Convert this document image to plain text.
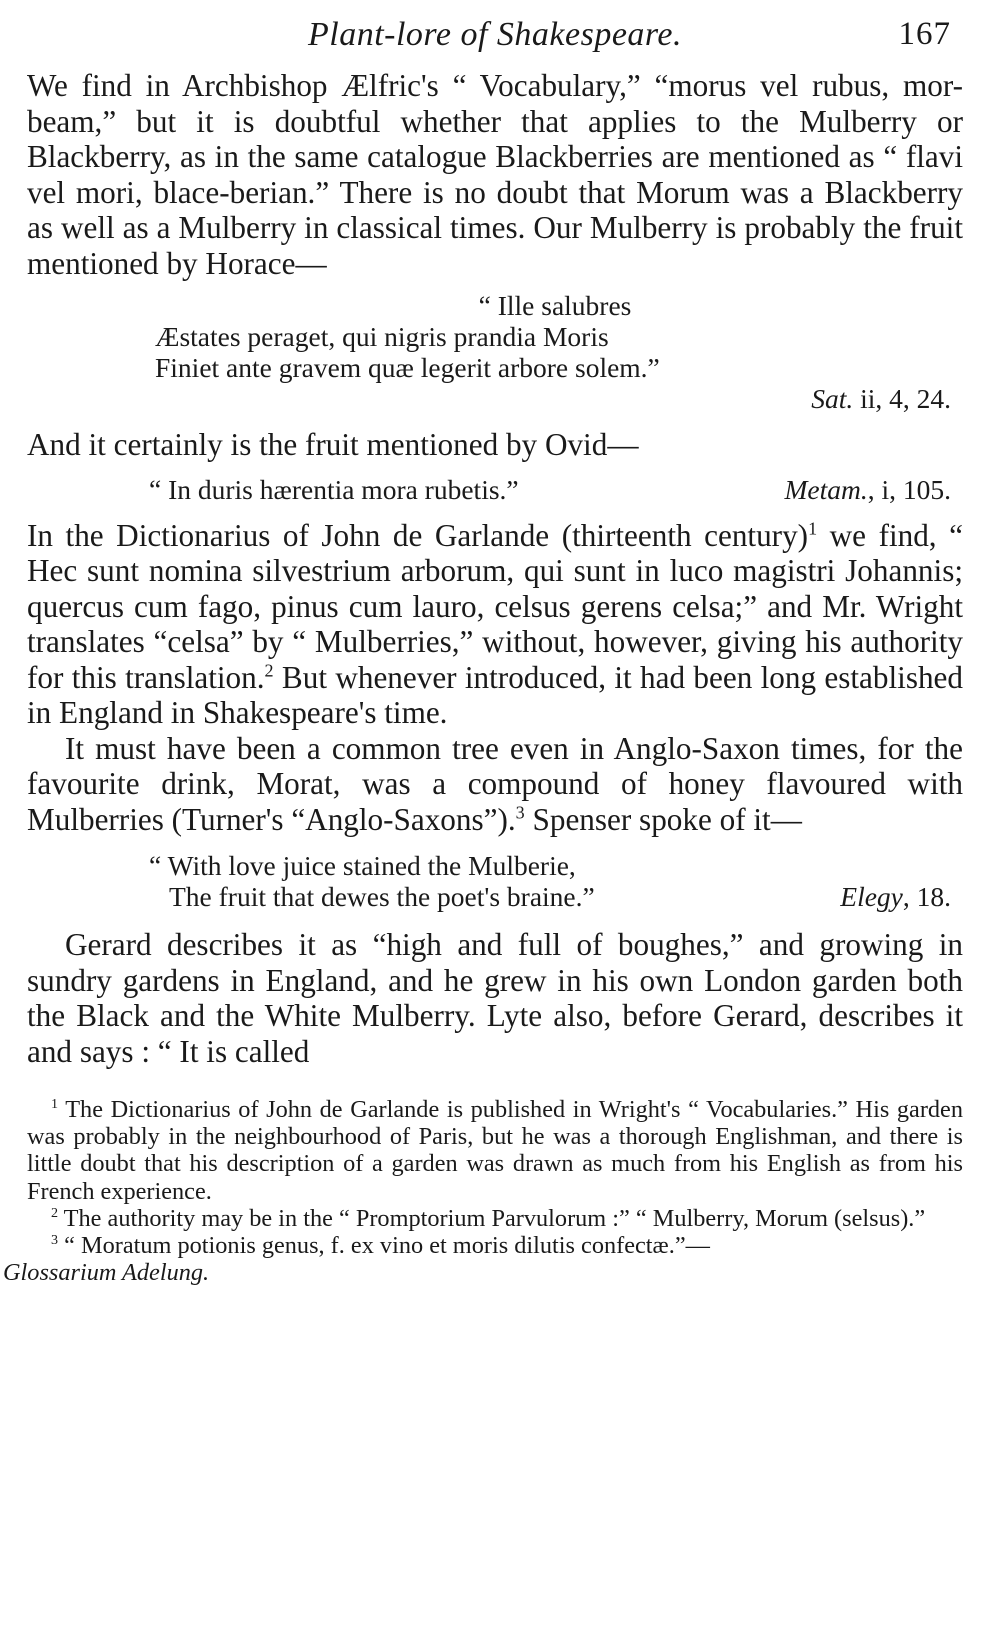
Plant-lore of Shakespeare.	167

We find in Archbishop Ælfric's “ Vocabulary,” “morus vel rubus, mor-beam,” but it is doubtful whether that applies to the Mulberry or Blackberry, as in the same catalogue Blackberries are mentioned as “ flavi vel mori, blace-berian.” There is no doubt that Morum was a Blackberry as well as a Mulberry in classical times. Our Mulberry is probably the fruit mentioned by Horace—

“ Ille salubres
Æstates peraget, qui nigris prandia Moris
Finiet ante gravem quæ legerit arbore solem.”
Sat. ii, 4, 24.

And it certainly is the fruit mentioned by Ovid—

“ In duris hærentia mora rubetis.”	Metam., i, 105.

In the Dictionarius of John de Garlande (thirteenth century)$^1$ we find, “ Hec sunt nomina silvestrium arborum, qui sunt in luco magistri Johannis; quercus cum fago, pinus cum lauro, celsus gerens celsa;” and Mr. Wright translates “celsa” by “ Mulberries,” without, however, giving his authority for this translation.$^2$ But whenever introduced, it had been long established in England in Shakespeare's time.

It must have been a common tree even in Anglo-Saxon times, for the favourite drink, Morat, was a compound of honey flavoured with Mulberries (Turner's “Anglo-Saxons”).$^3$ Spenser spoke of it—

“ With love juice stained the Mulberie,
The fruit that dewes the poet's braine.”	Elegy, 18.

Gerard describes it as “high and full of boughes,” and growing in sundry gardens in England, and he grew in his own London garden both the Black and the White Mulberry. Lyte also, before Gerard, describes it and says : “ It is called

$^1$ The Dictionarius of John de Garlande is published in Wright's “ Vocabularies.” His garden was probably in the neighbourhood of Paris, but he was a thorough Englishman, and there is little doubt that his description of a garden was drawn as much from his English as from his French experience.

$^2$ The authority may be in the “ Promptorium Parvulorum :” “ Mulberry, Morum (selsus).”

$^3$ “ Moratum potionis genus, f. ex vino et moris dilutis confectæ.”—
Glossarium Adelung.
